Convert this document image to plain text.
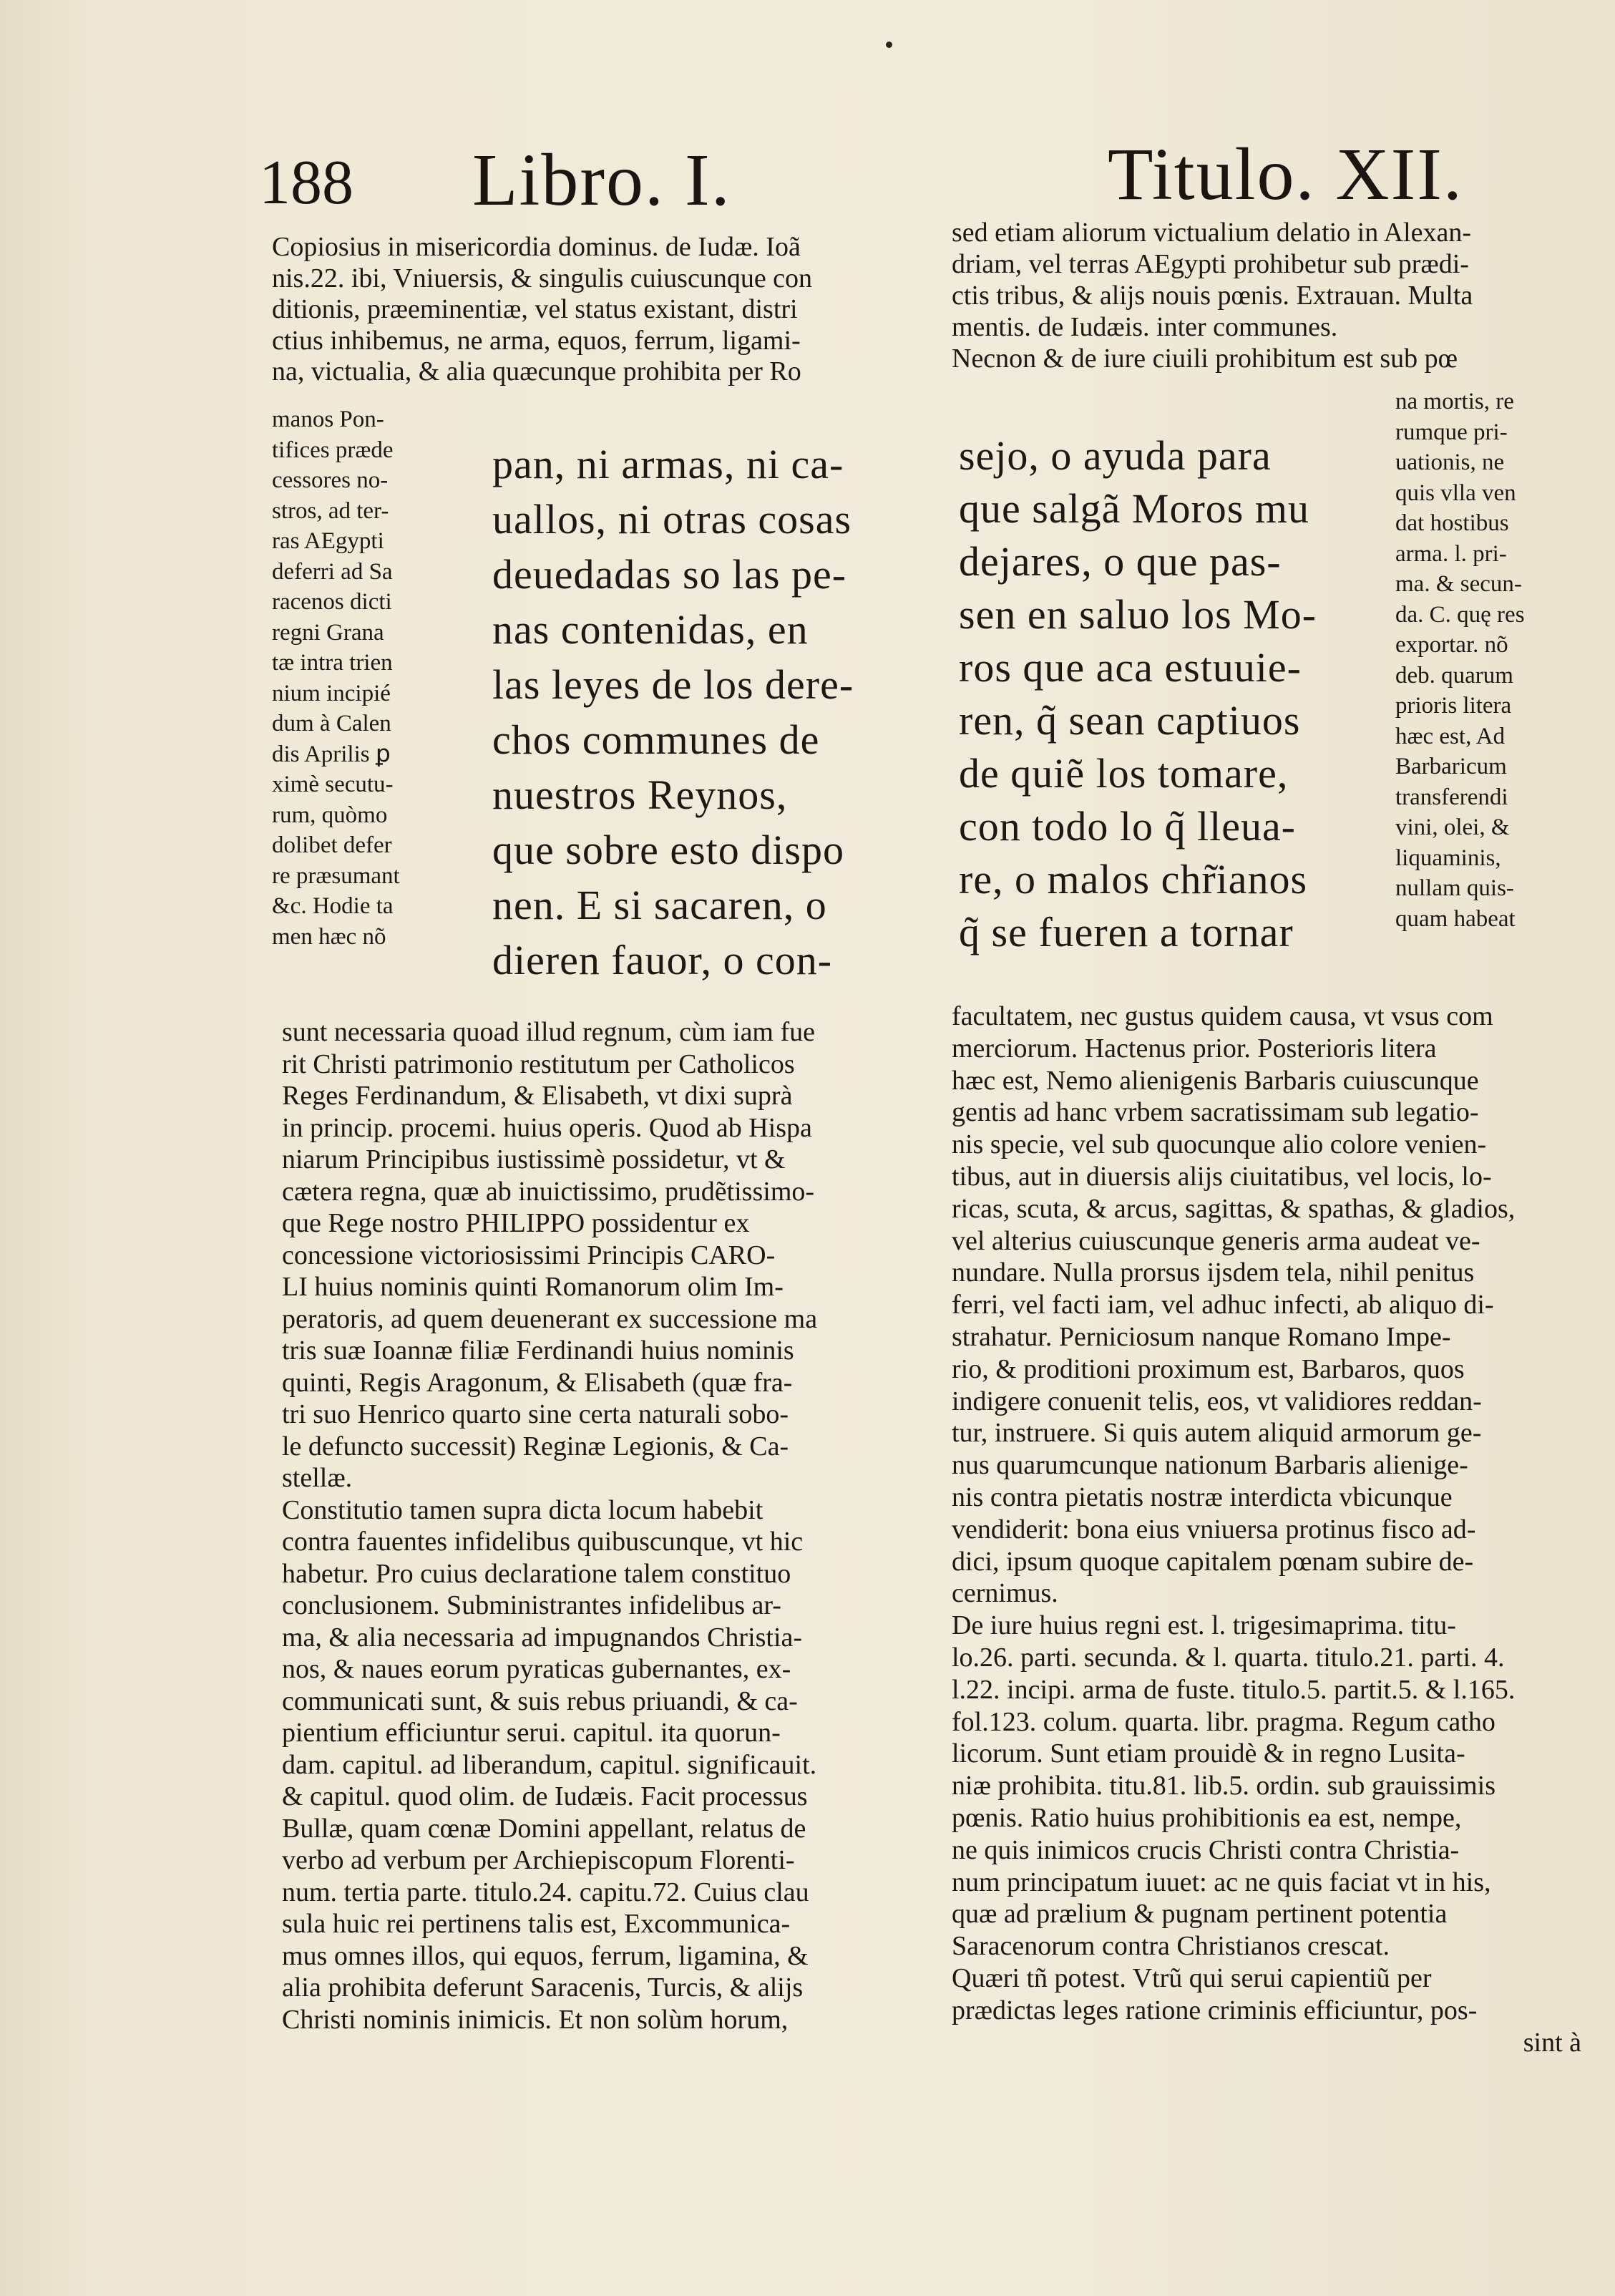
188 Libro. I.	Titulo. XII.
Copiosius in misericordia dominus. de Iudæ. Ioã
nis.22. ibi, Vniuersis, & singulis cuiuscunque con
ditionis, præeminentiæ, vel status existant, distri
ctius inhibemus, ne arma, equos, ferrum, ligami-
na, victualia, & alia quæcunque prohibita per Ro
manos Pon-
tifices præde
cessores no-
stros, ad ter-
ras AEgypti
deferri ad Sa
racenos dicti
regni Grana
tæ intra trien
nium incipié
dum à Calen
dis Aprilis ꝑ
ximè secutu-
rum, quòmo
dolibet defer
re præsumant
&c. Hodie ta
men hæc nõ
pan, ni armas, ni ca-
uallos, ni otras cosas
deuedadas so las pe-
nas contenidas, en
las leyes de los dere-
chos communes de
nuestros Reynos,
que sobre esto dispo
nen. E si sacaren, o
dieren fauor, o con-
sunt necessaria quoad illud regnum, cùm iam fue
rit Christi patrimonio restitutum per Catholicos
Reges Ferdinandum, & Elisabeth, vt dixi suprà
in princip. procemi. huius operis. Quod ab Hispa
niarum Principibus iustissimè possidetur, vt &
cætera regna, quæ ab inuictissimo, prudẽtissimo-
que Rege nostro PHILIPPO possidentur ex
concessione victoriosissimi Principis CARO-
LI huius nominis quinti Romanorum olim Im-
peratoris, ad quem deuenerant ex successione ma
tris suæ Ioannæ filiæ Ferdinandi huius nominis
quinti, Regis Aragonum, & Elisabeth (quæ fra-
tri suo Henrico quarto sine certa naturali sobo-
le defuncto successit) Reginæ Legionis, & Ca-
stellæ.
Constitutio tamen supra dicta locum habebit
contra fauentes infidelibus quibuscunque, vt hic
habetur. Pro cuius declaratione talem constituo
conclusionem. Subministrantes infidelibus ar-
ma, & alia necessaria ad impugnandos Christia-
nos, & naues eorum pyraticas gubernantes, ex-
communicati sunt, & suis rebus priuandi, & ca-
pientium efficiuntur serui. capitul. ita quorun-
dam. capitul. ad liberandum, capitul. significauit.
& capitul. quod olim. de Iudæis. Facit processus
Bullæ, quam cœnæ Domini appellant, relatus de
verbo ad verbum per Archiepiscopum Florenti-
num. tertia parte. titulo.24. capitu.72. Cuius clau
sula huic rei pertinens talis est, Excommunica-
mus omnes illos, qui equos, ferrum, ligamina, &
alia prohibita deferunt Saracenis, Turcis, & alijs
Christi nominis inimicis. Et non solùm horum,
sed etiam aliorum victualium delatio in Alexan-
driam, vel terras AEgypti prohibetur sub prædi-
ctis tribus, & alijs nouis pœnis. Extrauan. Multa
mentis. de Iudæis. inter communes.
Necnon & de iure ciuili prohibitum est sub pœ
sejo, o ayuda para
que salgã Moros mu
dejares, o que pas-
sen en saluo los Mo-
ros que aca estuuie-
ren, q̃ sean captiuos
de quiẽ los tomare,
con todo lo q̃ lleua-
re, o malos chr̃ianos
q̃ se fueren a tornar
na mortis, re
rumque pri-
uationis, ne
quis vlla ven
dat hostibus
arma. l. pri-
ma. & secun-
da. C. quę res
exportar. nõ
deb. quarum
prioris litera
hæc est, Ad
Barbaricum
transferendi
vini, olei, &
liquaminis,
nullam quis-
quam habeat
facultatem, nec gustus quidem causa, vt vsus com
merciorum. Hactenus prior. Posterioris litera
hæc est, Nemo alienigenis Barbaris cuiuscunque
gentis ad hanc vrbem sacratissimam sub legatio-
nis specie, vel sub quocunque alio colore venien-
tibus, aut in diuersis alijs ciuitatibus, vel locis, lo-
ricas, scuta, & arcus, sagittas, & spathas, & gladios,
vel alterius cuiuscunque generis arma audeat ve-
nundare. Nulla prorsus ijsdem tela, nihil penitus
ferri, vel facti iam, vel adhuc infecti, ab aliquo di-
strahatur. Perniciosum nanque Romano Impe-
rio, & proditioni proximum est, Barbaros, quos
indigere conuenit telis, eos, vt validiores reddan-
tur, instruere. Si quis autem aliquid armorum ge-
nus quarumcunque nationum Barbaris alienige-
nis contra pietatis nostræ interdicta vbicunque
vendiderit: bona eius vniuersa protinus fisco ad-
dici, ipsum quoque capitalem pœnam subire de-
cernimus.
De iure huius regni est. l. trigesimaprima. titu-
lo.26. parti. secunda. & l. quarta. titulo.21. parti. 4.
l.22. incipi. arma de fuste. titulo.5. partit.5. & l.165.
fol.123. colum. quarta. libr. pragma. Regum catho
licorum. Sunt etiam prouidè & in regno Lusita-
niæ prohibita. titu.81. lib.5. ordin. sub grauissimis
pœnis. Ratio huius prohibitionis ea est, nempe,
ne quis inimicos crucis Christi contra Christia-
num principatum iuuet: ac ne quis faciat vt in his,
quæ ad prælium & pugnam pertinent potentia
Saracenorum contra Christianos crescat.
Quæri tñ potest. Vtrũ qui serui capientiũ per
prædictas leges ratione criminis efficiuntur, pos-
sint à
